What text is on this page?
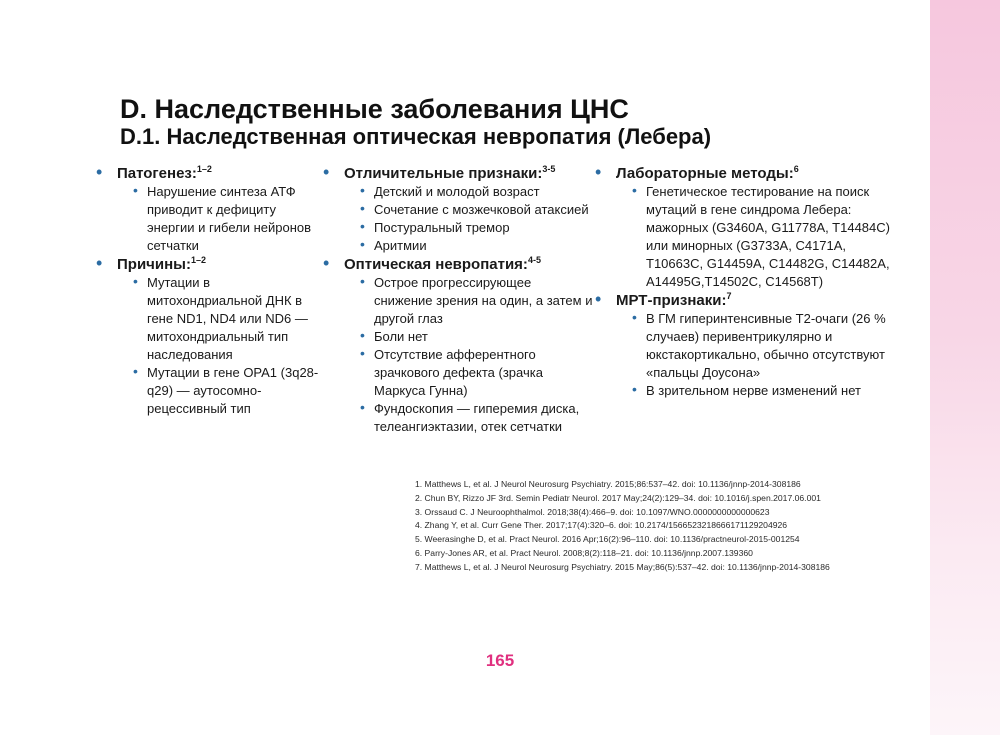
D. Наследственные заболевания ЦНС
D.1. Наследственная оптическая невропатия (Лебера)
• Патогенез:$^{1-2}$
• Нарушение синтеза АТФ приводит к дефициту энергии и гибели нейронов сетчатки
• Причины:$^{1-2}$
• Мутации в митохондриальной ДНК в гене ND1, ND4 или ND6 — митохондриальный тип наследования
• Мутации в гене OPA1 (3q28-q29) — аутосомно-рецессивный тип
• Отличительные признаки:$^{3-5}$
• Детский и молодой возраст
• Сочетание с мозжечковой атаксией
• Постуральный тремор
• Аритмии
• Оптическая невропатия:$^{4-5}$
• Острое прогрессирующее снижение зрения на один, а затем и другой глаз
• Боли нет
• Отсутствие афферентного зрачкового дефекта (зрачка Маркуса Гунна)
• Фундоскопия — гиперемия диска, телеангиэктазии, отек сетчатки
• Лабораторные методы:$^6$
• Генетическое тестирование на поиск мутаций в гене синдрома Лебера: мажорных (G3460A, G11778A, T14484C) или минорных (G3733A, C4171A, T10663C, G14459A, C14482G, C14482A, A14495G,T14502C, C14568T)
• МРТ-признаки:$^7$
• В ГМ гиперинтенсивные T2-очаги (26 % случаев) перивентрикулярно и юкстакортикально, обычно отсутствуют «пальцы Доусона»
• В зрительном нерве изменений нет
1. Matthews L, et al. J Neurol Neurosurg Psychiatry. 2015;86:537–42. doi: 10.1136/jnnp-2014-308186
2. Chun BY, Rizzo JF 3rd. Semin Pediatr Neurol. 2017 May;24(2):129–34. doi: 10.1016/j.spen.2017.06.001
3. Orssaud C. J Neuroophthalmol. 2018;38(4):466–9. doi: 10.1097/WNO.0000000000000623
4. Zhang Y, et al. Curr Gene Ther. 2017;17(4):320–6. doi: 10.2174/1566523218666171129204926
5. Weerasinghe D, et al. Pract Neurol. 2016 Apr;16(2):96–110. doi: 10.1136/practneurol-2015-001254
6. Parry-Jones AR, et al. Pract Neurol. 2008;8(2):118–21. doi: 10.1136/jnnp.2007.139360
7. Matthews L, et al. J Neurol Neurosurg Psychiatry. 2015 May;86(5):537–42. doi: 10.1136/jnnp-2014-308186
165
